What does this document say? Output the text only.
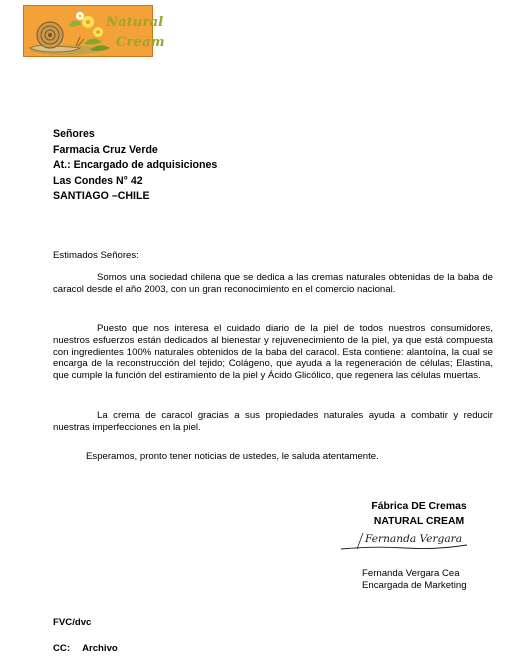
Natural
Cream
Señores
Farmacia Cruz Verde
At.: Encargado de adquisiciones
Las Condes N° 42
SANTIAGO –CHILE
Estimados Señores:
Somos una sociedad chilena que se dedica a las cremas naturales obtenidas de la baba de caracol desde el año 2003, con un gran reconocimiento en el comercio nacional.
Puesto que nos interesa el cuidado diario de la piel de todos nuestros consumidores, nuestros esfuerzos están dedicados al bienestar y rejuvenecimiento de la piel, ya que está compuesta con ingredientes 100% naturales obtenidos de la baba del caracol. Esta contiene: alantoína, la cual se encarga de la reconstrucción del tejido; Colágeno, que ayuda a la regeneración de células; Elastina, que cumple la función del estiramiento de la piel y Ácido Glicólico, que regenera las células muertas.
La crema de caracol gracias a sus propiedades naturales ayuda a combatir y reducir nuestras imperfecciones en la piel.
Esperamos, pronto tener noticias de ustedes, le saluda atentamente.
Fábrica DE Cremas
NATURAL CREAM
Fernanda Vergara
Fernanda Vergara Cea
Encargada de Marketing
FVC/dvc
CC: Archivo
